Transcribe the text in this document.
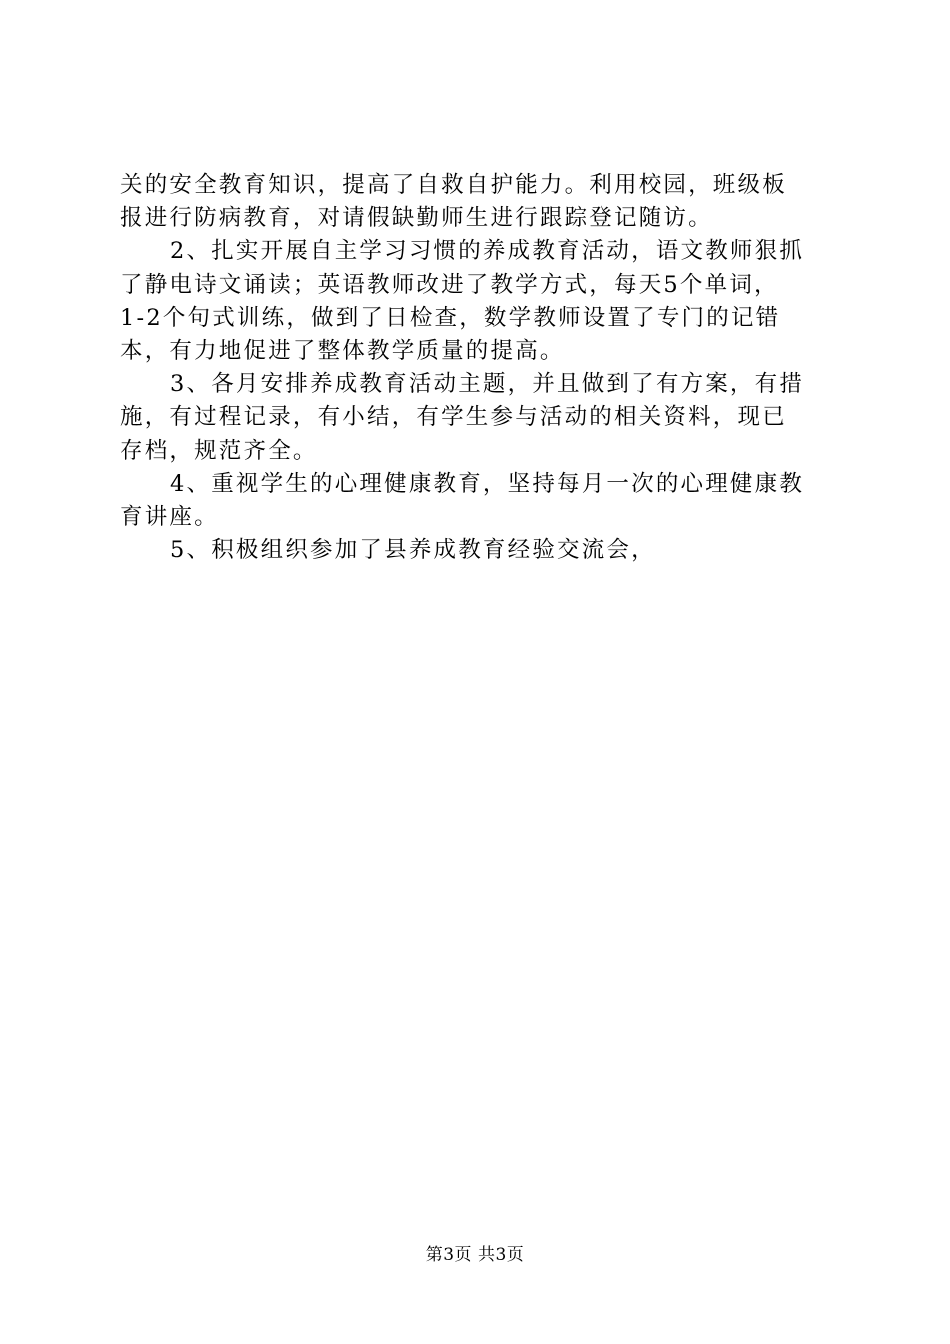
关的安全教育知识，提高了自救自护能力。利用校园，班级板
报进行防病教育，对请假缺勤师生进行跟踪登记随访。
2、扎实开展自主学习习惯的养成教育活动，语文教师狠抓
了静电诗文诵读；英语教师改进了教学方式，每天5个单词，
1-2个句式训练，做到了日检查，数学教师设置了专门的记错
本，有力地促进了整体教学质量的提高。
3、各月安排养成教育活动主题，并且做到了有方案，有措
施，有过程记录，有小结，有学生参与活动的相关资料，现已
存档，规范齐全。
4、重视学生的心理健康教育，坚持每月一次的心理健康教
育讲座。
5、积极组织参加了县养成教育经验交流会，
第3页 共3页
